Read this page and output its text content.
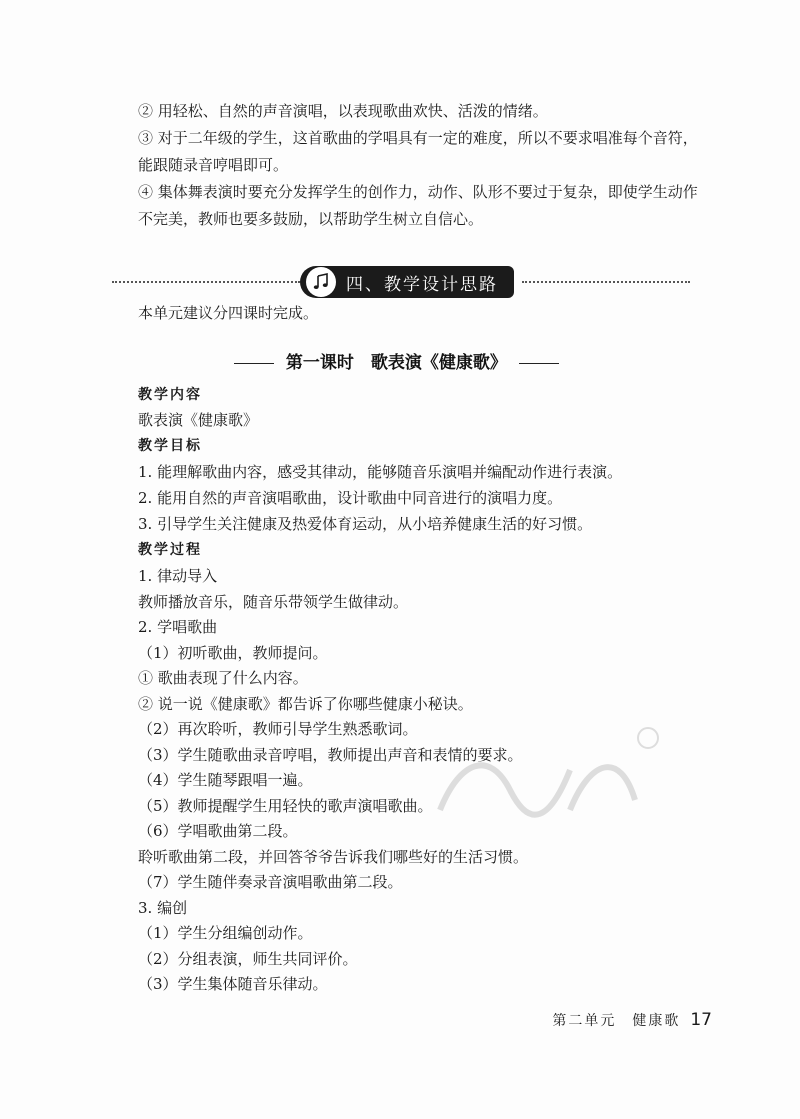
② 用轻松、自然的声音演唱，以表现歌曲欢快、活泼的情绪。
③ 对于二年级的学生，这首歌曲的学唱具有一定的难度，所以不要求唱准每个音符，能跟随录音哼唱即可。
④ 集体舞表演时要充分发挥学生的创作力，动作、队形不要过于复杂，即使学生动作不完美，教师也要多鼓励，以帮助学生树立自信心。
四、教学设计思路
本单元建议分四课时完成。
第一课时　歌表演《健康歌》
教学内容
歌表演《健康歌》
教学目标
1. 能理解歌曲内容，感受其律动，能够随音乐演唱并编配动作进行表演。
2. 能用自然的声音演唱歌曲，设计歌曲中同音进行的演唱力度。
3. 引导学生关注健康及热爱体育运动，从小培养健康生活的好习惯。
教学过程
1. 律动导入
教师播放音乐，随音乐带领学生做律动。
2. 学唱歌曲
（1）初听歌曲，教师提问。
① 歌曲表现了什么内容。
② 说一说《健康歌》都告诉了你哪些健康小秘诀。
（2）再次聆听，教师引导学生熟悉歌词。
（3）学生随歌曲录音哼唱，教师提出声音和表情的要求。
（4）学生随琴跟唱一遍。
（5）教师提醒学生用轻快的歌声演唱歌曲。
（6）学唱歌曲第二段。
聆听歌曲第二段，并回答爷爷告诉我们哪些好的生活习惯。
（7）学生随伴奏录音演唱歌曲第二段。
3. 编创
（1）学生分组编创动作。
（2）分组表演，师生共同评价。
（3）学生集体随音乐律动。
第二单元　健康歌 17
